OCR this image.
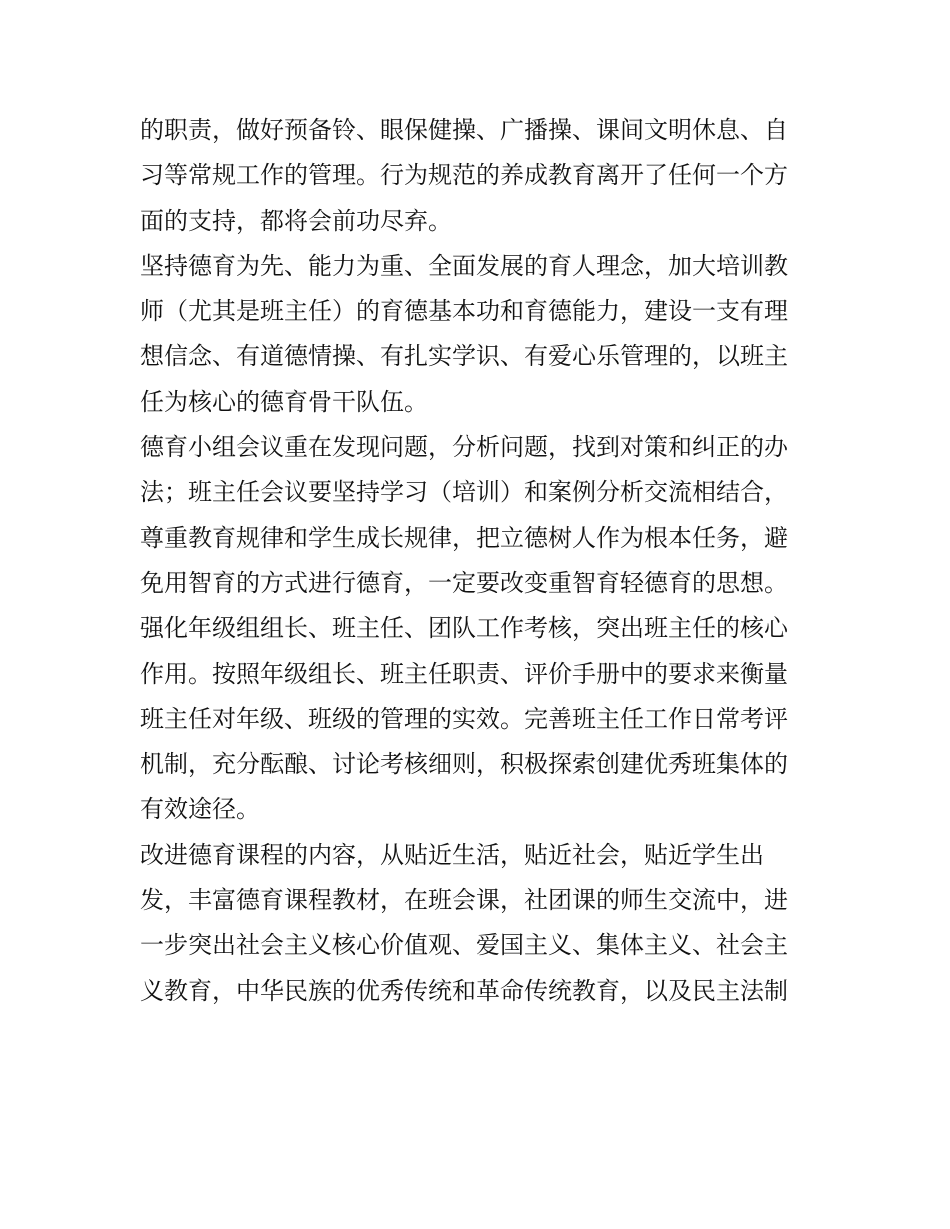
的职责，做好预备铃、眼保健操、广播操、课间文明休息、自
习等常规工作的管理。行为规范的养成教育离开了任何一个方
面的支持，都将会前功尽弃。
坚持德育为先、能力为重、全面发展的育人理念，加大培训教
师（尤其是班主任）的育德基本功和育德能力，建设一支有理
想信念、有道德情操、有扎实学识、有爱心乐管理的，以班主
任为核心的德育骨干队伍。
德育小组会议重在发现问题，分析问题，找到对策和纠正的办
法；班主任会议要坚持学习（培训）和案例分析交流相结合，
尊重教育规律和学生成长规律，把立德树人作为根本任务，避
免用智育的方式进行德育，一定要改变重智育轻德育的思想。
强化年级组组长、班主任、团队工作考核，突出班主任的核心
作用。按照年级组长、班主任职责、评价手册中的要求来衡量
班主任对年级、班级的管理的实效。完善班主任工作日常考评
机制，充分酝酿、讨论考核细则，积极探索创建优秀班集体的
有效途径。
改进德育课程的内容，从贴近生活，贴近社会，贴近学生出
发，丰富德育课程教材，在班会课，社团课的师生交流中，进
一步突出社会主义核心价值观、爱国主义、集体主义、社会主
义教育，中华民族的优秀传统和革命传统教育，以及民主法制
